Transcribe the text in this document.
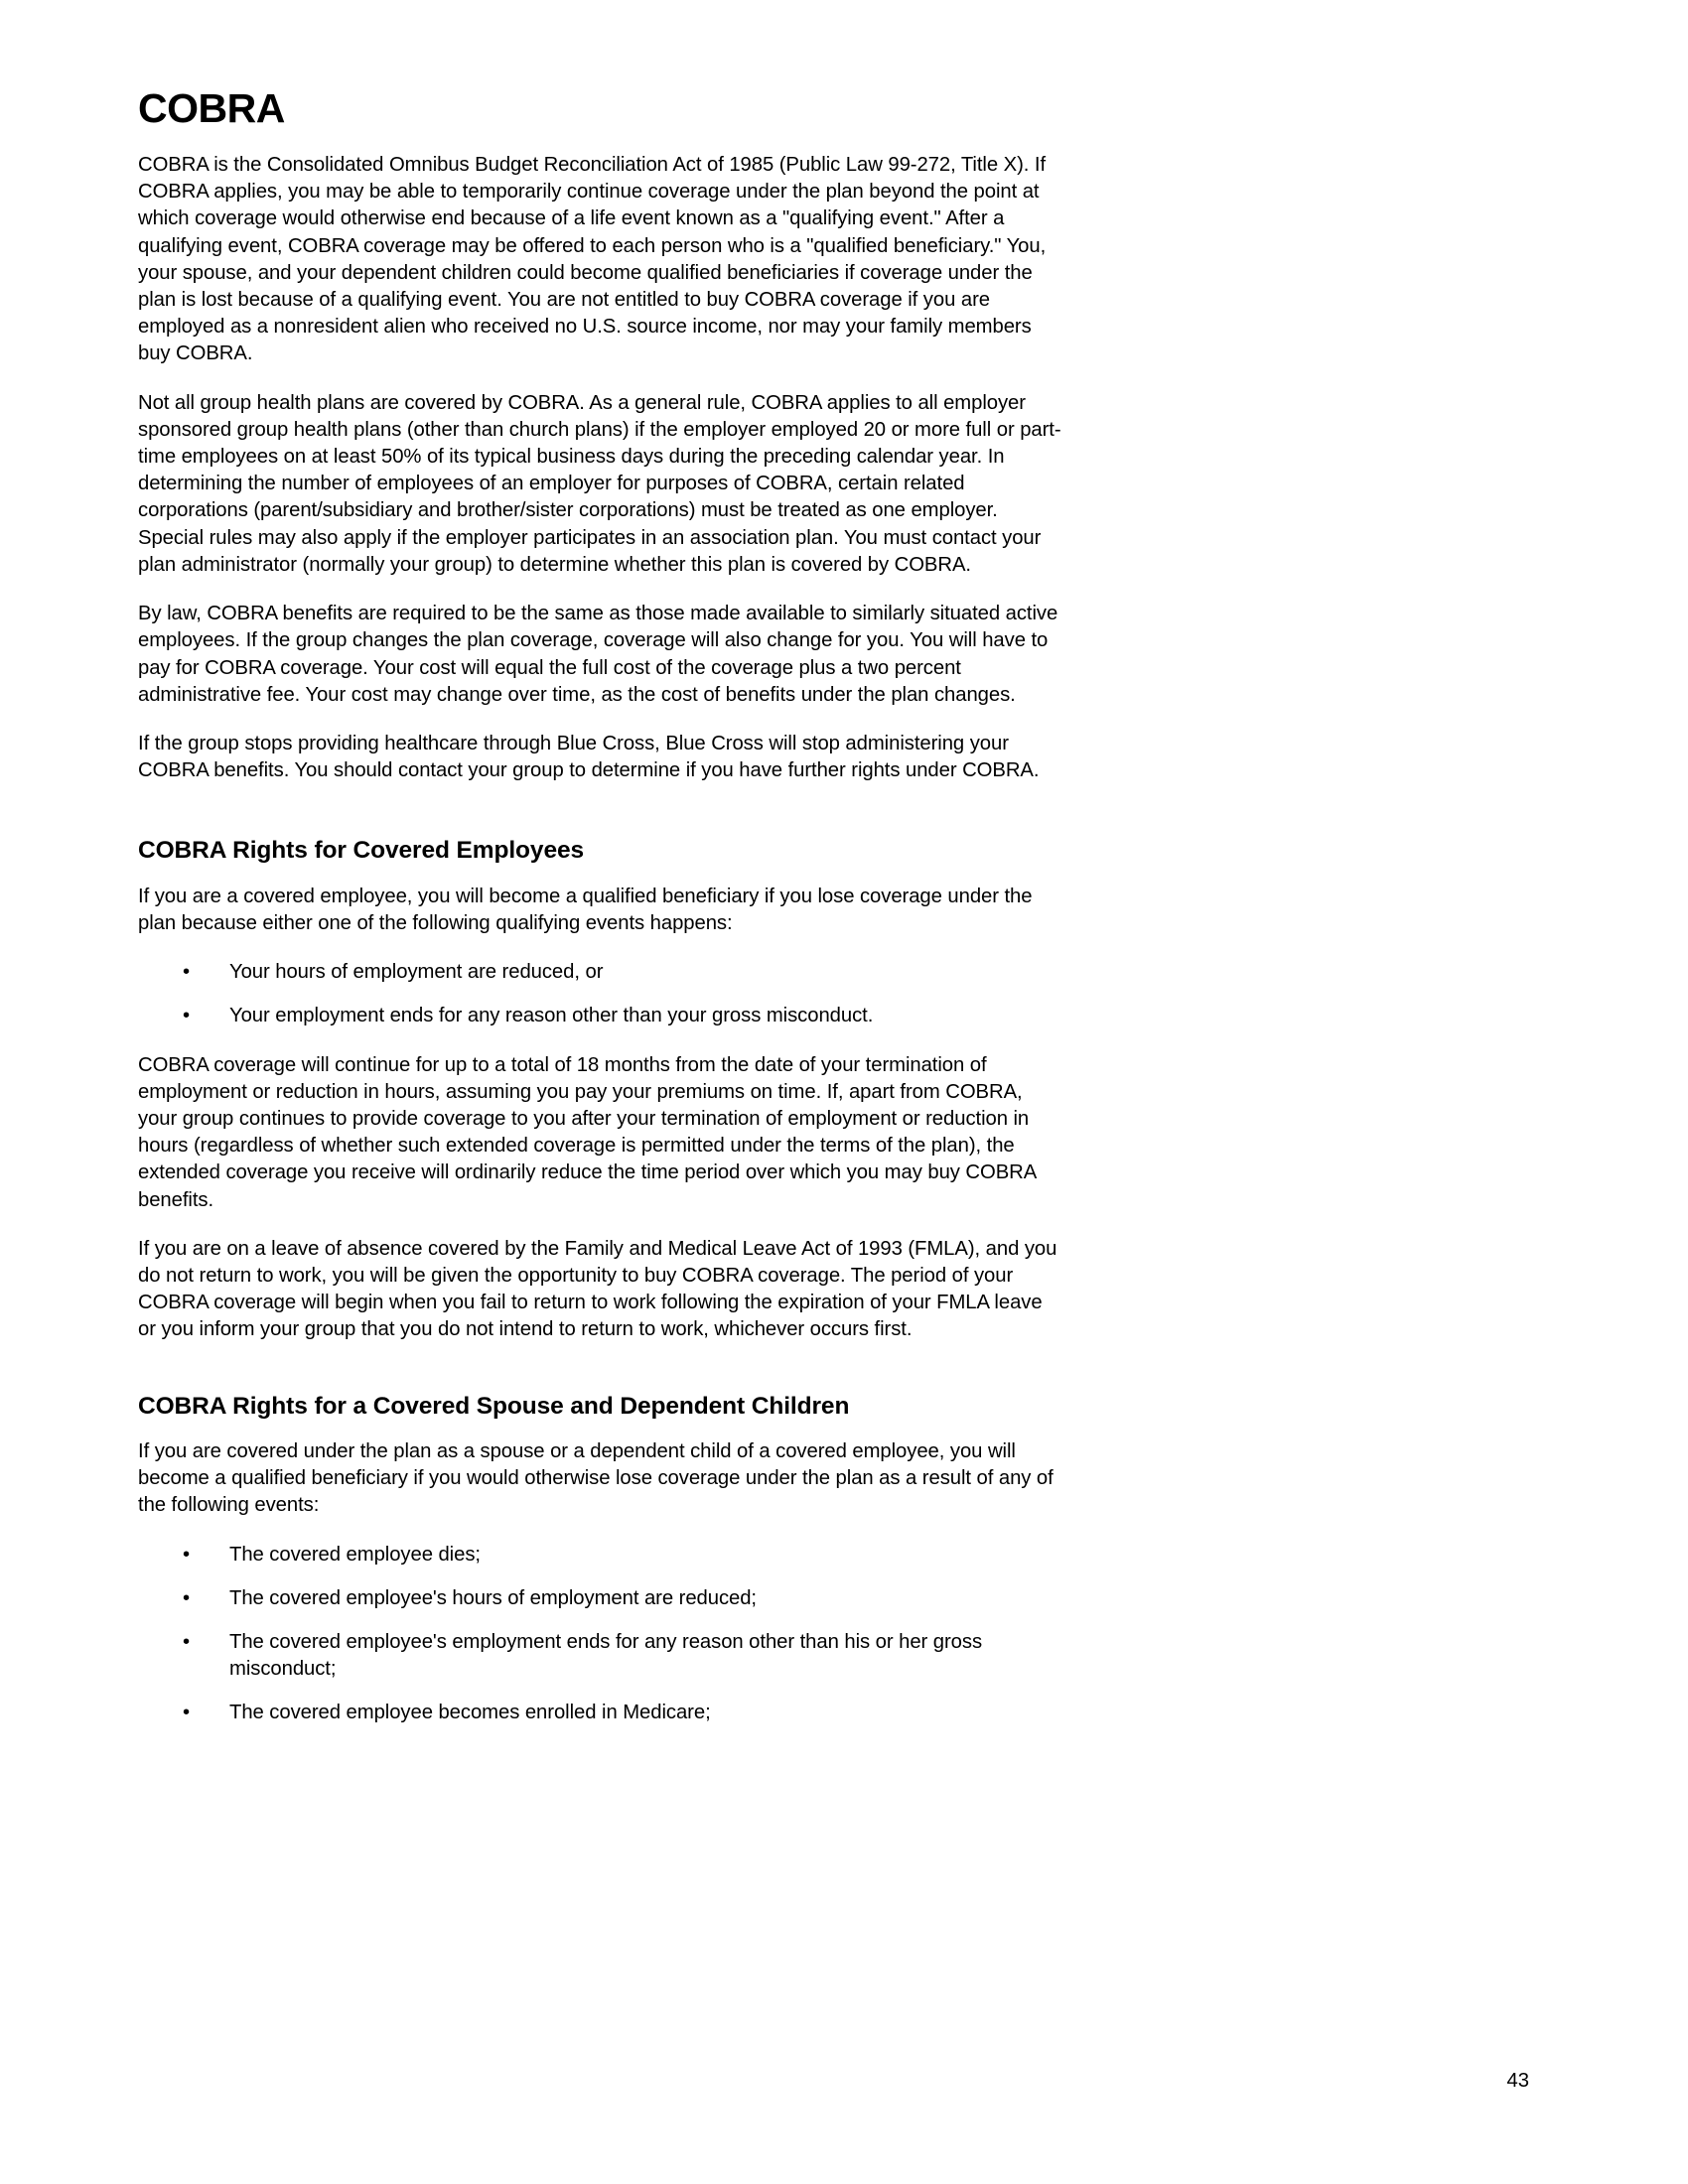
COBRA

COBRA is the Consolidated Omnibus Budget Reconciliation Act of 1985 (Public Law 99-272, Title X). If COBRA applies, you may be able to temporarily continue coverage under the plan beyond the point at which coverage would otherwise end because of a life event known as a "qualifying event." After a qualifying event, COBRA coverage may be offered to each person who is a "qualified beneficiary." You, your spouse, and your dependent children could become qualified beneficiaries if coverage under the plan is lost because of a qualifying event. You are not entitled to buy COBRA coverage if you are employed as a nonresident alien who received no U.S. source income, nor may your family members buy COBRA.

Not all group health plans are covered by COBRA. As a general rule, COBRA applies to all employer sponsored group health plans (other than church plans) if the employer employed 20 or more full or part-time employees on at least 50% of its typical business days during the preceding calendar year. In determining the number of employees of an employer for purposes of COBRA, certain related corporations (parent/subsidiary and brother/sister corporations) must be treated as one employer. Special rules may also apply if the employer participates in an association plan. You must contact your plan administrator (normally your group) to determine whether this plan is covered by COBRA.

By law, COBRA benefits are required to be the same as those made available to similarly situated active employees. If the group changes the plan coverage, coverage will also change for you. You will have to pay for COBRA coverage. Your cost will equal the full cost of the coverage plus a two percent administrative fee. Your cost may change over time, as the cost of benefits under the plan changes.

If the group stops providing healthcare through Blue Cross, Blue Cross will stop administering your COBRA benefits. You should contact your group to determine if you have further rights under COBRA.

COBRA Rights for Covered Employees

If you are a covered employee, you will become a qualified beneficiary if you lose coverage under the plan because either one of the following qualifying events happens:

• Your hours of employment are reduced, or
• Your employment ends for any reason other than your gross misconduct.

COBRA coverage will continue for up to a total of 18 months from the date of your termination of employment or reduction in hours, assuming you pay your premiums on time. If, apart from COBRA, your group continues to provide coverage to you after your termination of employment or reduction in hours (regardless of whether such extended coverage is permitted under the terms of the plan), the extended coverage you receive will ordinarily reduce the time period over which you may buy COBRA benefits.

If you are on a leave of absence covered by the Family and Medical Leave Act of 1993 (FMLA), and you do not return to work, you will be given the opportunity to buy COBRA coverage. The period of your COBRA coverage will begin when you fail to return to work following the expiration of your FMLA leave or you inform your group that you do not intend to return to work, whichever occurs first.

COBRA Rights for a Covered Spouse and Dependent Children

If you are covered under the plan as a spouse or a dependent child of a covered employee, you will become a qualified beneficiary if you would otherwise lose coverage under the plan as a result of any of the following events:

• The covered employee dies;
• The covered employee's hours of employment are reduced;
• The covered employee's employment ends for any reason other than his or her gross misconduct;
• The covered employee becomes enrolled in Medicare;
43
